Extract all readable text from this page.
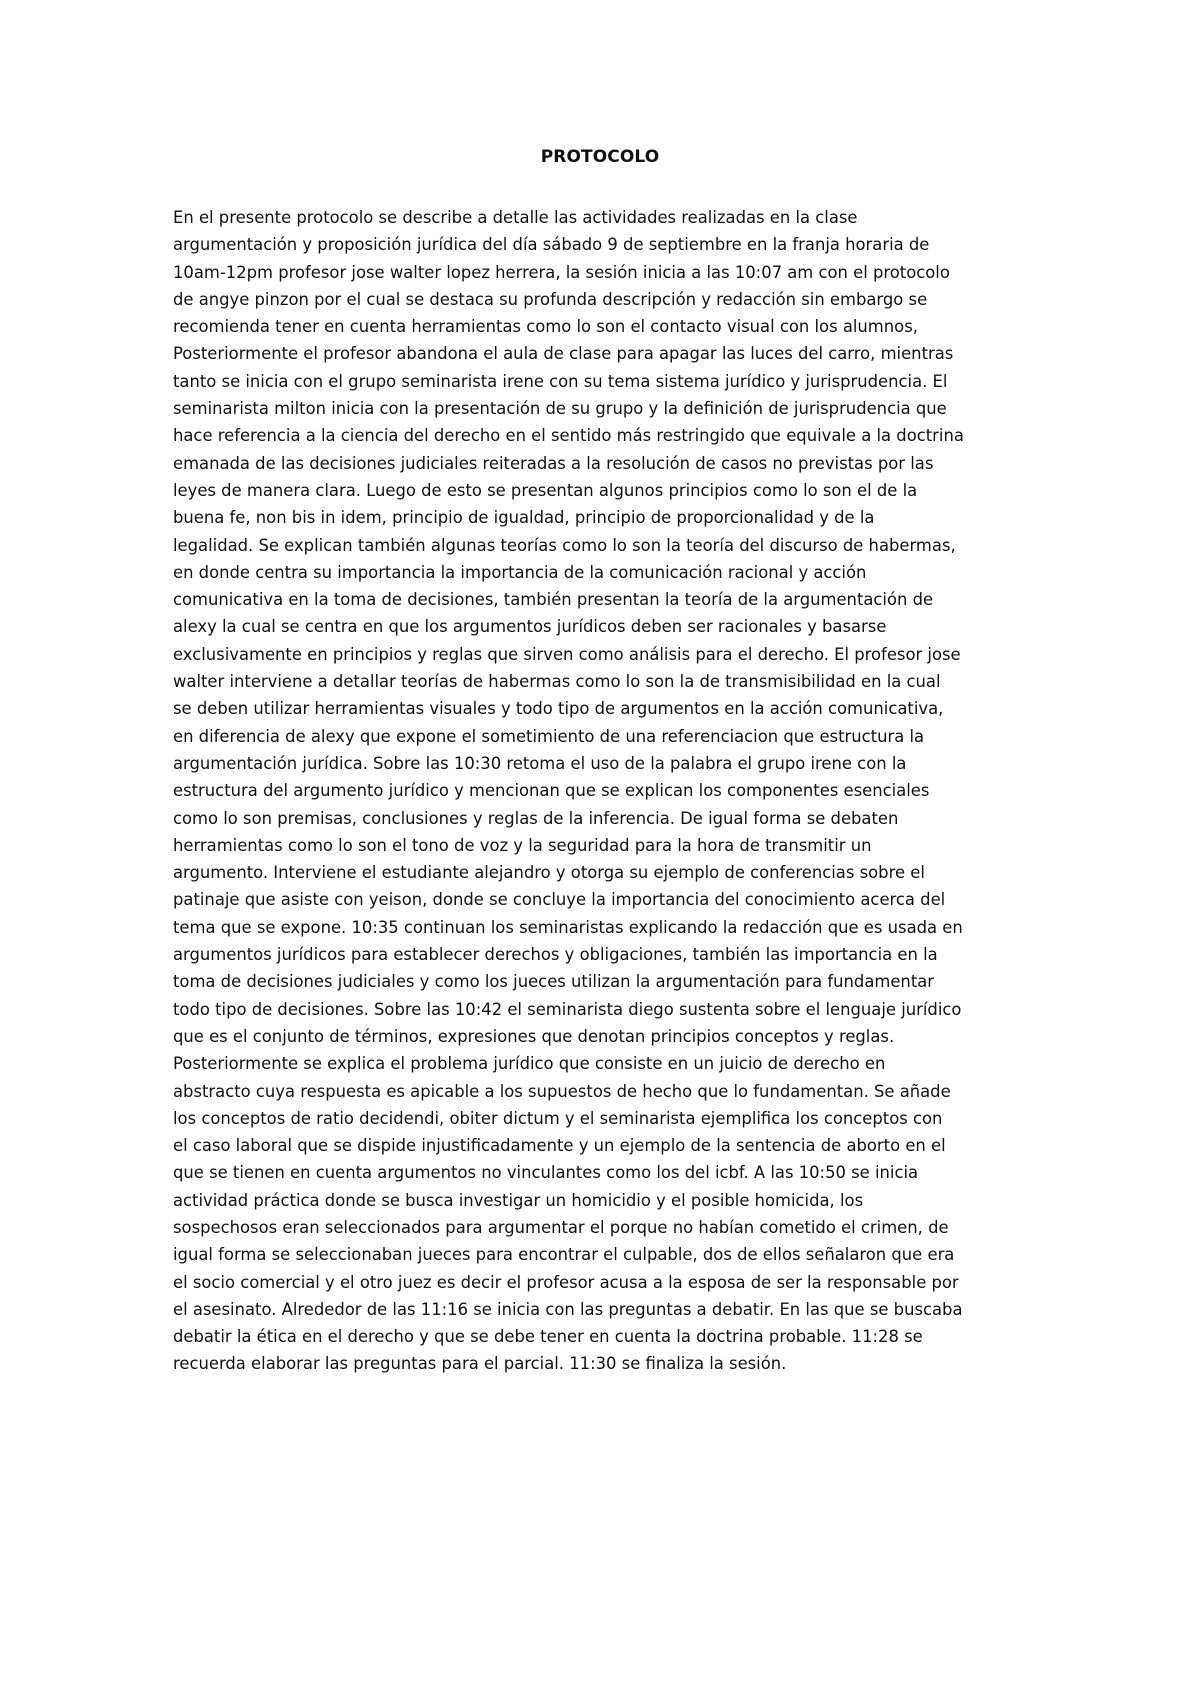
PROTOCOLO
En el presente protocolo se describe a detalle las actividades realizadas en la clase
argumentación y proposición jurídica del día sábado 9 de septiembre en la franja horaria de
10am-12pm profesor jose walter lopez herrera, la sesión inicia a las 10:07 am con el protocolo
de angye pinzon por el cual se destaca su profunda descripción y redacción sin embargo se
recomienda tener en cuenta herramientas como lo son el contacto visual con los alumnos,
Posteriormente el profesor abandona el aula de clase para apagar las luces del carro, mientras
tanto se inicia con el grupo seminarista irene con su tema sistema jurídico y jurisprudencia. El
seminarista milton inicia con la presentación de su grupo y la definición de jurisprudencia que
hace referencia a la ciencia del derecho en el sentido más restringido que equivale a la doctrina
emanada de las decisiones judiciales reiteradas a la resolución de casos no previstas por las
leyes de manera clara. Luego de esto se presentan algunos principios como lo son el de la
buena fe, non bis in idem, principio de igualdad, principio de proporcionalidad y de la
legalidad. Se explican también algunas teorías como lo son la teoría del discurso de habermas,
en donde centra su importancia la importancia de la comunicación racional y acción
comunicativa en la toma de decisiones, también presentan la teoría de la argumentación de
alexy la cual se centra en que los argumentos jurídicos deben ser racionales y basarse
exclusivamente en principios y reglas que sirven como análisis para el derecho. El profesor jose
walter interviene a detallar teorías de habermas como lo son la de transmisibilidad en la cual
se deben utilizar herramientas visuales y todo tipo de argumentos en la acción comunicativa,
en diferencia de alexy que expone el sometimiento de una referenciacion que estructura la
argumentación jurídica. Sobre las 10:30 retoma el uso de la palabra el grupo irene con la
estructura del argumento jurídico y mencionan que se explican los componentes esenciales
como lo son premisas, conclusiones y reglas de la inferencia. De igual forma se debaten
herramientas como lo son el tono de voz y la seguridad para la hora de transmitir un
argumento. Interviene el estudiante alejandro y otorga su ejemplo de conferencias sobre el
patinaje que asiste con yeison, donde se concluye la importancia del conocimiento acerca del
tema que se expone. 10:35 continuan los seminaristas explicando la redacción que es usada en
argumentos jurídicos para establecer derechos y obligaciones, también las importancia en la
toma de decisiones judiciales y como los jueces utilizan la argumentación para fundamentar
todo tipo de decisiones. Sobre las 10:42 el seminarista diego sustenta sobre el lenguaje jurídico
que es el conjunto de términos, expresiones que denotan principios conceptos y reglas.
Posteriormente se explica el problema jurídico que consiste en un juicio de derecho en
abstracto cuya respuesta es apicable a los supuestos de hecho que lo fundamentan. Se añade
los conceptos de ratio decidendi, obiter dictum y el seminarista ejemplifica los conceptos con
el caso laboral que se dispide injustificadamente y un ejemplo de la sentencia de aborto en el
que se tienen en cuenta argumentos no vinculantes como los del icbf. A las 10:50 se inicia
actividad práctica donde se busca investigar un homicidio y el posible homicida, los
sospechosos eran seleccionados para argumentar el porque no habían cometido el crimen, de
igual forma se seleccionaban jueces para encontrar el culpable, dos de ellos señalaron que era
el socio comercial y el otro juez es decir el profesor acusa a la esposa de ser la responsable por
el asesinato. Alrededor de las 11:16 se inicia con las preguntas a debatir. En las que se buscaba
debatir la ética en el derecho y que se debe tener en cuenta la doctrina probable. 11:28 se
recuerda elaborar las preguntas para el parcial. 11:30 se finaliza la sesión.
